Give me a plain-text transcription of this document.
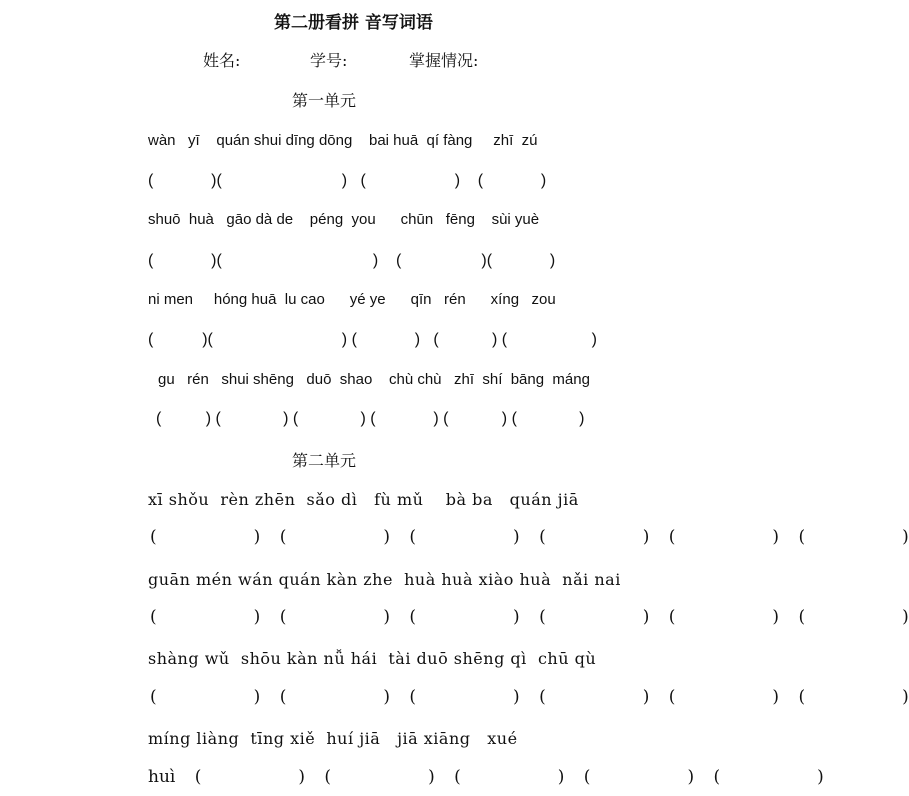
第二册看拼 音写词语
姓名:	学号:	掌握情况:
第一单元
wàn   yī    quán shui dīng dōng    bai huā  qí fàng     zhī  zú
(             )(                           )   (                    )    (             )
shuō  huà   gāo dà de    péng  you      chūn   fēng    sùi yuè
(             )(                                  )    (                  )(             )
ni men     hóng huā  lu cao      yé ye      qīn   rén      xíng   zou
(           )(                             ) (             )   (            ) (                   )
gu   rén   shui shēng   duō  shao    chù chù   zhī  shí  bāng  máng
(          ) (              ) (              ) (             ) (            ) (              )
第二单元
xī shǒu  rèn zhēn  sǎo dì   fù mǔ    bà ba   quán jiā
(     ) (     ) (     ) (     ) (     ) (     )
guān mén wán quán kàn zhe  huà huà xiào huà  nǎi nai
(     ) (     ) (     ) (     ) (     ) (     )
shàng wǔ  shōu kàn nǚ hái  tài duō shēng qì  chū qù
(     ) (     ) (     ) (     ) (     ) (     )
míng liàng  tīng xiě  huí jiā   jiā xiāng   xué
huì (     ) (     ) (     ) (     ) (     )
